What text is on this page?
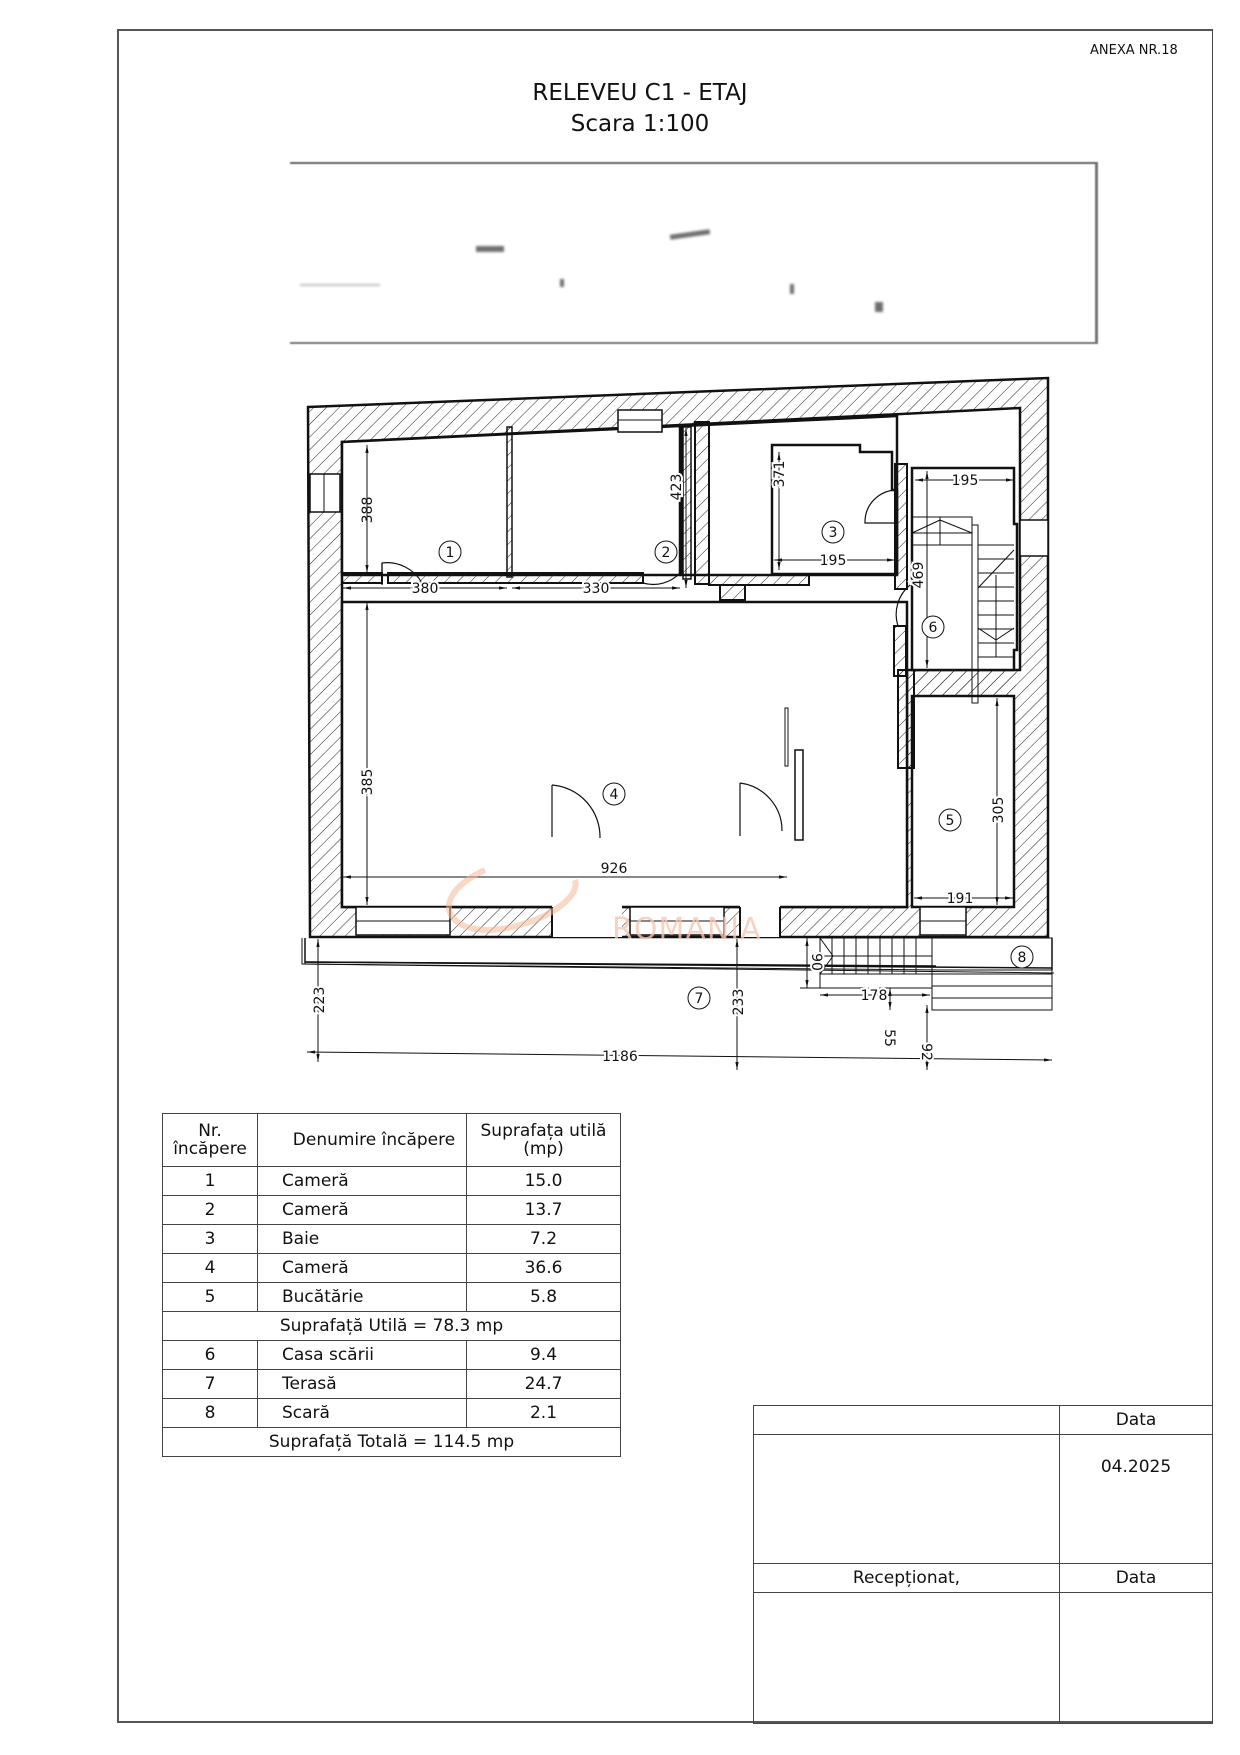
ANEXA NR.18
RELEVEU C1 - ETAJ
Scara 1:100
388
380	330
423	371
195
195
469
385
926
305
191
223	233
1186
90
178
55
92
1	2
3
4
5
6
7
8
ROMANIA
Nr.
încăpere	Denumire încăpere	Suprafața utilă
(mp)
1	Cameră	15.0
2	Cameră	13.7
3	Baie	7.2
4	Cameră	36.6
5	Bucătărie	5.8
Suprafață Utilă = 78.3 mp		
6	Casa scării	9.4
7	Terasă	24.7
8	Scară	2.1
Suprafață Totală = 114.5 mp		
	Data
	04.2025
Recepționat,	Data
